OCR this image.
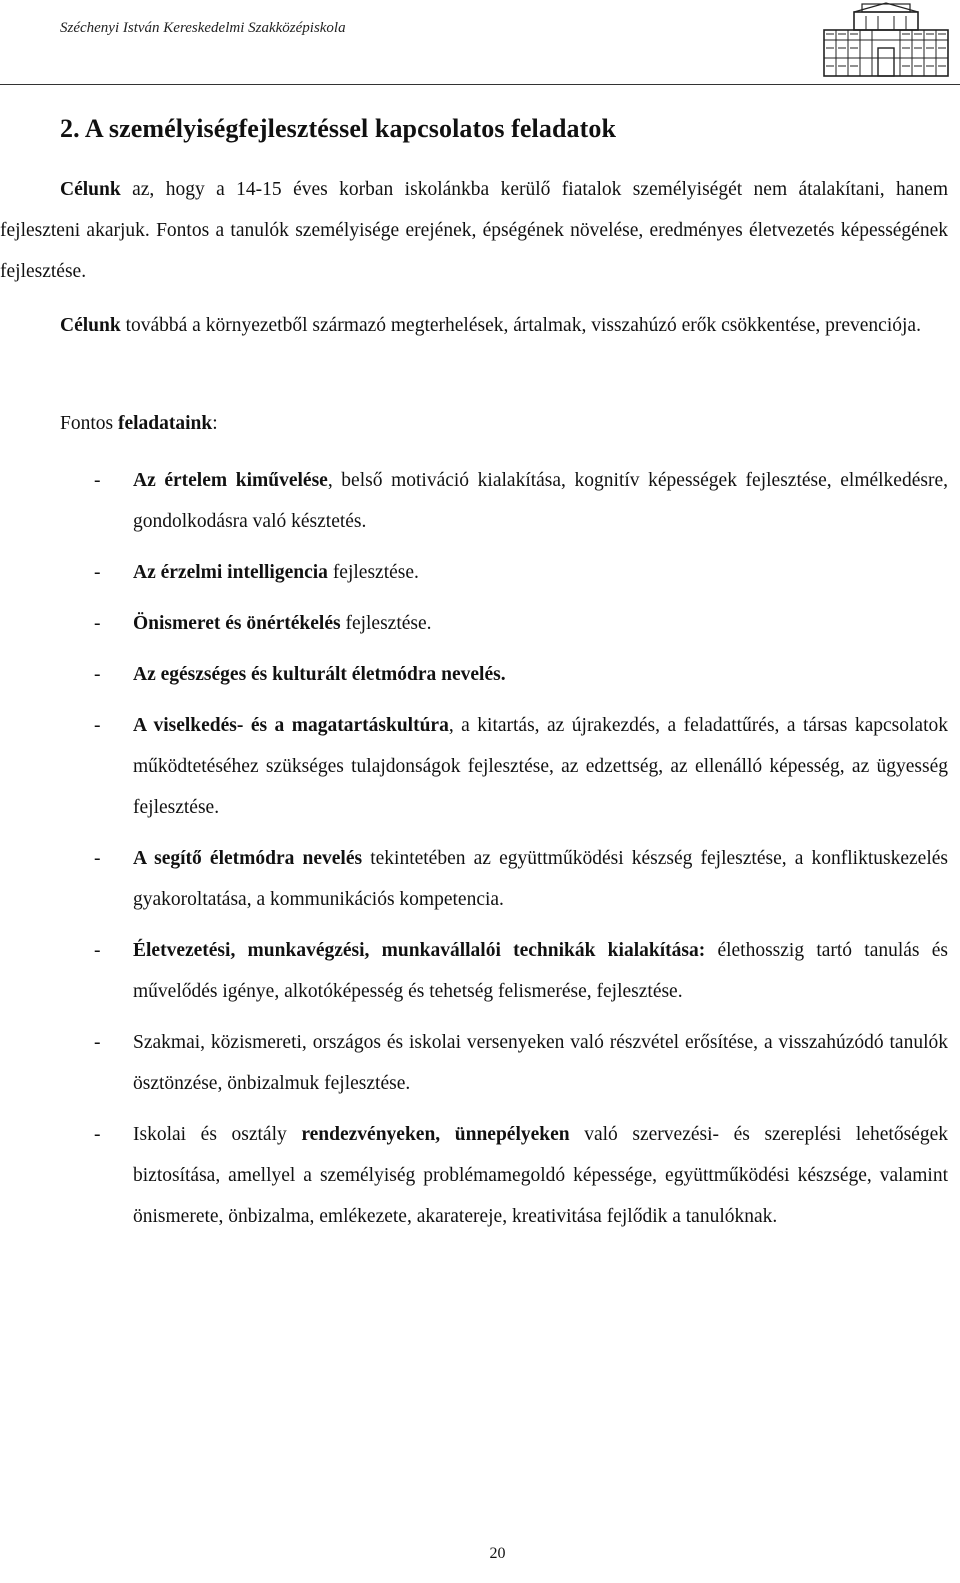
Széchenyi István Kereskedelmi Szakközépiskola
2. A személyiségfejlesztéssel kapcsolatos feladatok

Célunk az, hogy a 14-15 éves korban iskolánkba kerülő fiatalok személyiségét nem átalakítani, hanem fejleszteni akarjuk. Fontos a tanulók személyisége erejének, épségének növelése, eredményes életvezetés képességének fejlesztése.

Célunk továbbá a környezetből származó megterhelések, ártalmak, visszahúzó erők csökkentése, prevenciója.

Fontos feladataink:

- Az értelem kiművelése, belső motiváció kialakítása, kognitív képességek fejlesztése, elmélkedésre, gondolkodásra való késztetés.
- Az érzelmi intelligencia fejlesztése.
- Önismeret és önértékelés fejlesztése.
- Az egészséges és kulturált életmódra nevelés.
- A viselkedés- és a magatartáskultúra, a kitartás, az újrakezdés, a feladattűrés, a társas kapcsolatok működtetéséhez szükséges tulajdonságok fejlesztése, az edzettség, az ellenálló képesség, az ügyesség fejlesztése.
- A segítő életmódra nevelés tekintetében az együttműködési készség fejlesztése, a konfliktuskezelés gyakoroltatása, a kommunikációs kompetencia.
- Életvezetési, munkavégzési, munkavállalói technikák kialakítása: élethosszig tartó tanulás és művelődés igénye, alkotóképesség és tehetség felismerése, fejlesztése.
- Szakmai, közismereti, országos és iskolai versenyeken való részvétel erősítése, a visszahúzódó tanulók ösztönzése, önbizalmuk fejlesztése.
- Iskolai és osztály rendezvényeken, ünnepélyeken való szervezési- és szereplési lehetőségek biztosítása, amellyel a személyiség problémamegoldó képessége, együttműködési készsége, valamint önismerete, önbizalma, emlékezete, akaratereje, kreativitása fejlődik a tanulóknak.
20
